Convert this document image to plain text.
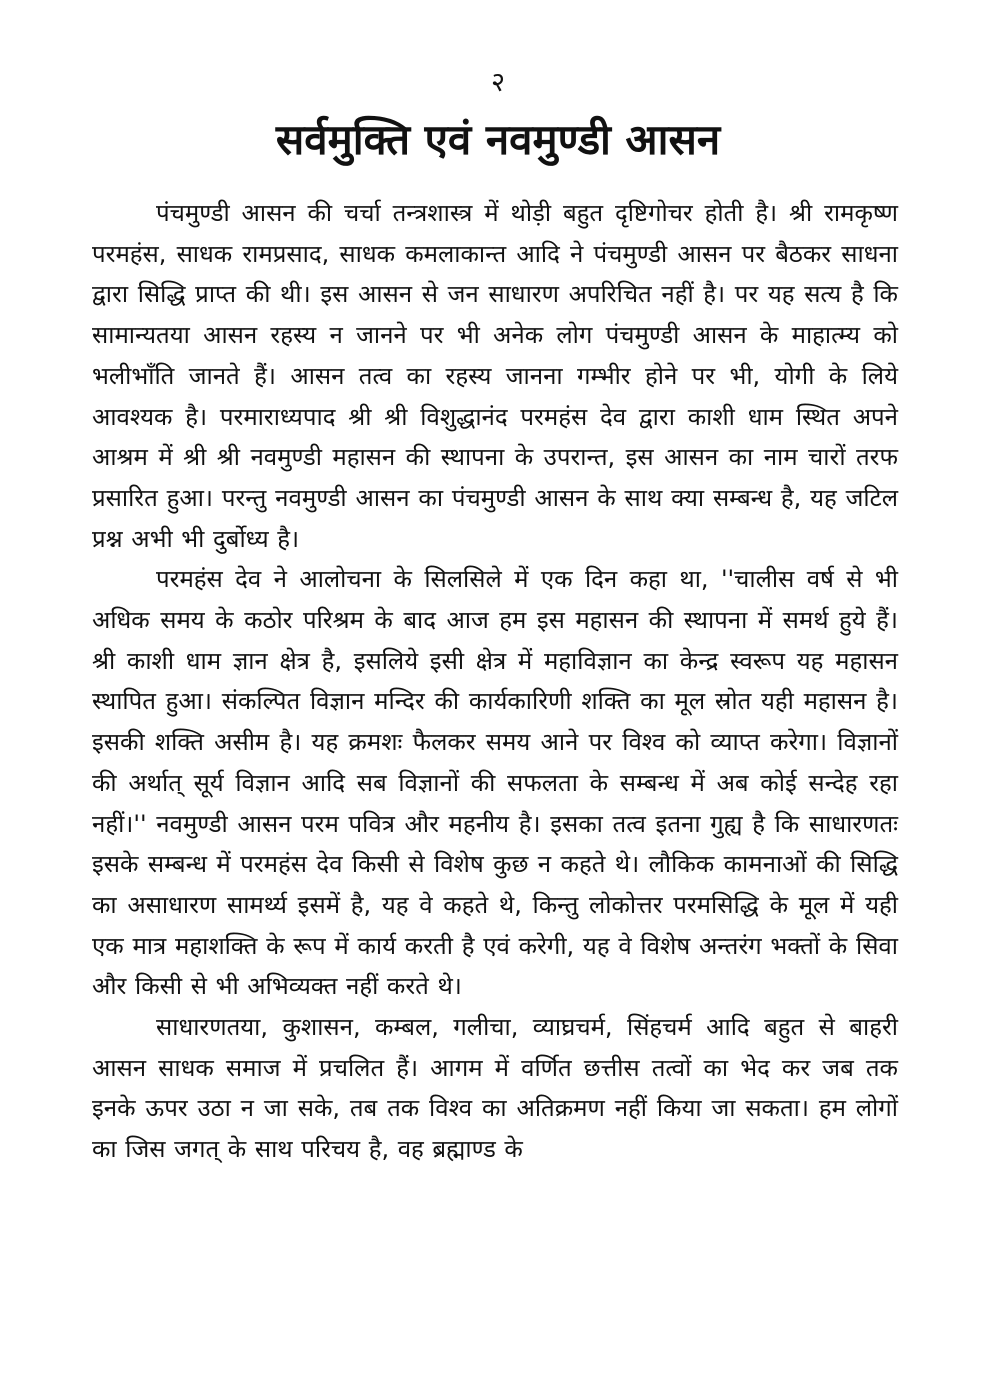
२
सर्वमुक्ति एवं नवमुण्डी आसन

पंचमुण्डी आसन की चर्चा तन्त्रशास्त्र में थोड़ी बहुत दृष्टिगोचर होती है। श्री रामकृष्ण परमहंस, साधक रामप्रसाद, साधक कमलाकान्त आदि ने पंचमुण्डी आसन पर बैठकर साधना द्वारा सिद्धि प्राप्त की थी। इस आसन से जन साधारण अपरिचित नहीं है। पर यह सत्य है कि सामान्यतया आसन रहस्य न जानने पर भी अनेक लोग पंचमुण्डी आसन के माहात्म्य को भलीभाँति जानते हैं। आसन तत्व का रहस्य जानना गम्भीर होने पर भी, योगी के लिये आवश्यक है। परमाराध्यपाद श्री श्री विशुद्धानंद परमहंस देव द्वारा काशी धाम स्थित अपने आश्रम में श्री श्री नवमुण्डी महासन की स्थापना के उपरान्त, इस आसन का नाम चारों तरफ प्रसारित हुआ। परन्तु नवमुण्डी आसन का पंचमुण्डी आसन के साथ क्या सम्बन्ध है, यह जटिल प्रश्न अभी भी दुर्बोध्य है।

परमहंस देव ने आलोचना के सिलसिले में एक दिन कहा था, ''चालीस वर्ष से भी अधिक समय के कठोर परिश्रम के बाद आज हम इस महासन की स्थापना में समर्थ हुये हैं। श्री काशी धाम ज्ञान क्षेत्र है, इसलिये इसी क्षेत्र में महाविज्ञान का केन्द्र स्वरूप यह महासन स्थापित हुआ। संकल्पित विज्ञान मन्दिर की कार्यकारिणी शक्ति का मूल स्रोत यही महासन है। इसकी शक्ति असीम है। यह क्रमशः फैलकर समय आने पर विश्व को व्याप्त करेगा। विज्ञानों की अर्थात् सूर्य विज्ञान आदि सब विज्ञानों की सफलता के सम्बन्ध में अब कोई सन्देह रहा नहीं।'' नवमुण्डी आसन परम पवित्र और महनीय है। इसका तत्व इतना गुह्य है कि साधारणतः इसके सम्बन्ध में परमहंस देव किसी से विशेष कुछ न कहते थे। लौकिक कामनाओं की सिद्धि का असाधारण सामर्थ्य इसमें है, यह वे कहते थे, किन्तु लोकोत्तर परमसिद्धि के मूल में यही एक मात्र महाशक्ति के रूप में कार्य करती है एवं करेगी, यह वे विशेष अन्तरंग भक्तों के सिवा और किसी से भी अभिव्यक्त नहीं करते थे।

साधारणतया, कुशासन, कम्बल, गलीचा, व्याघ्रचर्म, सिंहचर्म आदि बहुत से बाहरी आसन साधक समाज में प्रचलित हैं। आगम में वर्णित छत्तीस तत्वों का भेद कर जब तक इनके ऊपर उठा न जा सके, तब तक विश्व का अतिक्रमण नहीं किया जा सकता। हम लोगों का जिस जगत् के साथ परिचय है, वह ब्रह्माण्ड के
